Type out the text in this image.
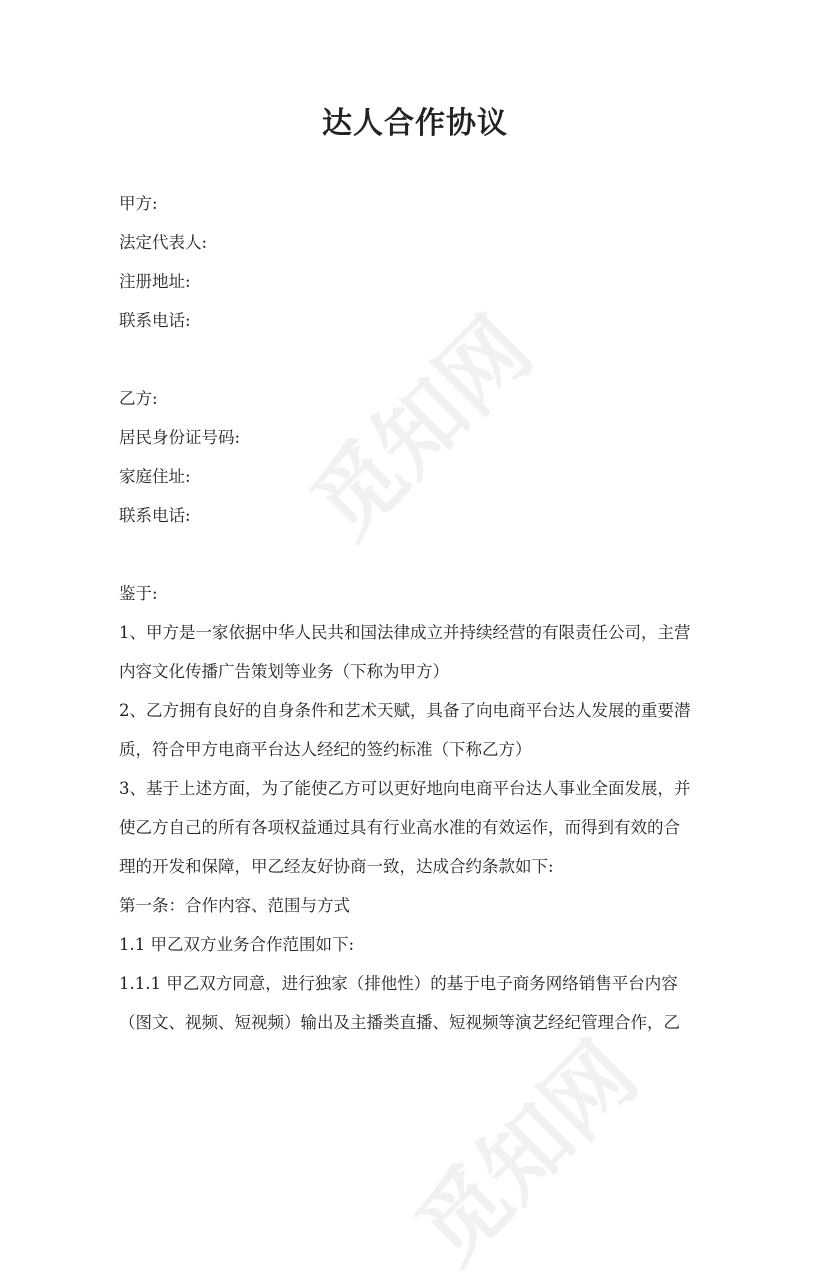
觅知网
觅知网
达人合作协议

甲方:

法定代表人:

注册地址:

联系电话:

乙方:

居民身份证号码:

家庭住址:

联系电话:

鉴于:

1、甲方是一家依据中华人民共和国法律成立并持续经营的有限责任公司，主营

内容文化传播广告策划等业务（下称为甲方）

2、乙方拥有良好的自身条件和艺术天赋，具备了向电商平台达人发展的重要潜

质，符合甲方电商平台达人经纪的签约标准（下称乙方）

3、基于上述方面，为了能使乙方可以更好地向电商平台达人事业全面发展，并

使乙方自己的所有各项权益通过具有行业高水准的有效运作，而得到有效的合

理的开发和保障，甲乙经友好协商一致，达成合约条款如下:

第一条：合作内容、范围与方式

1.1 甲乙双方业务合作范围如下:

1.1.1 甲乙双方同意，进行独家（排他性）的基于电子商务网络销售平台内容

（图文、视频、短视频）输出及主播类直播、短视频等演艺经纪管理合作，乙
